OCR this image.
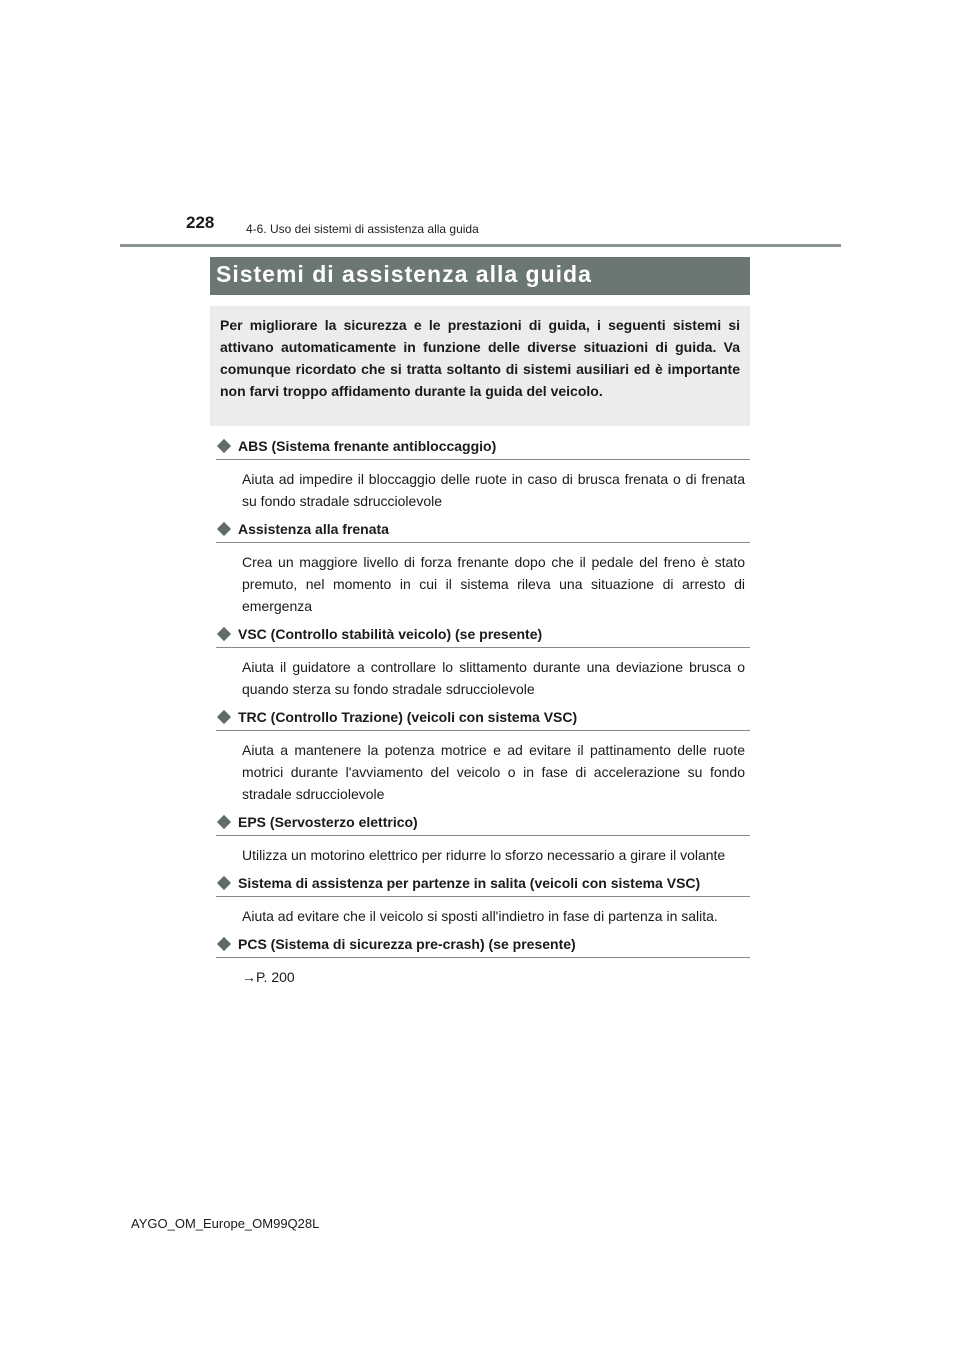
228	4-6. Uso dei sistemi di assistenza alla guida
Sistemi di assistenza alla guida
Per migliorare la sicurezza e le prestazioni di guida, i seguenti sistemi si attivano automaticamente in funzione delle diverse situazioni di guida. Va comunque ricordato che si tratta soltanto di sistemi ausiliari ed è importante non farvi troppo affidamento durante la guida del veicolo.
ABS (Sistema frenante antibloccaggio)
Aiuta ad impedire il bloccaggio delle ruote in caso di brusca frenata o di frenata su fondo stradale sdrucciolevole
Assistenza alla frenata
Crea un maggiore livello di forza frenante dopo che il pedale del freno è stato premuto, nel momento in cui il sistema rileva una situazione di arresto di emergenza
VSC (Controllo stabilità veicolo) (se presente)
Aiuta il guidatore a controllare lo slittamento durante una deviazione brusca o quando sterza su fondo stradale sdrucciolevole
TRC (Controllo Trazione) (veicoli con sistema VSC)
Aiuta a mantenere la potenza motrice e ad evitare il pattinamento delle ruote motrici durante l'avviamento del veicolo o in fase di accelerazione su fondo stradale sdrucciolevole
EPS (Servosterzo elettrico)
Utilizza un motorino elettrico per ridurre lo sforzo necessario a girare il volante
Sistema di assistenza per partenze in salita (veicoli con sistema VSC)
Aiuta ad evitare che il veicolo si sposti all'indietro in fase di partenza in salita.
PCS (Sistema di sicurezza pre-crash) (se presente)
→P. 200
AYGO_OM_Europe_OM99Q28L
